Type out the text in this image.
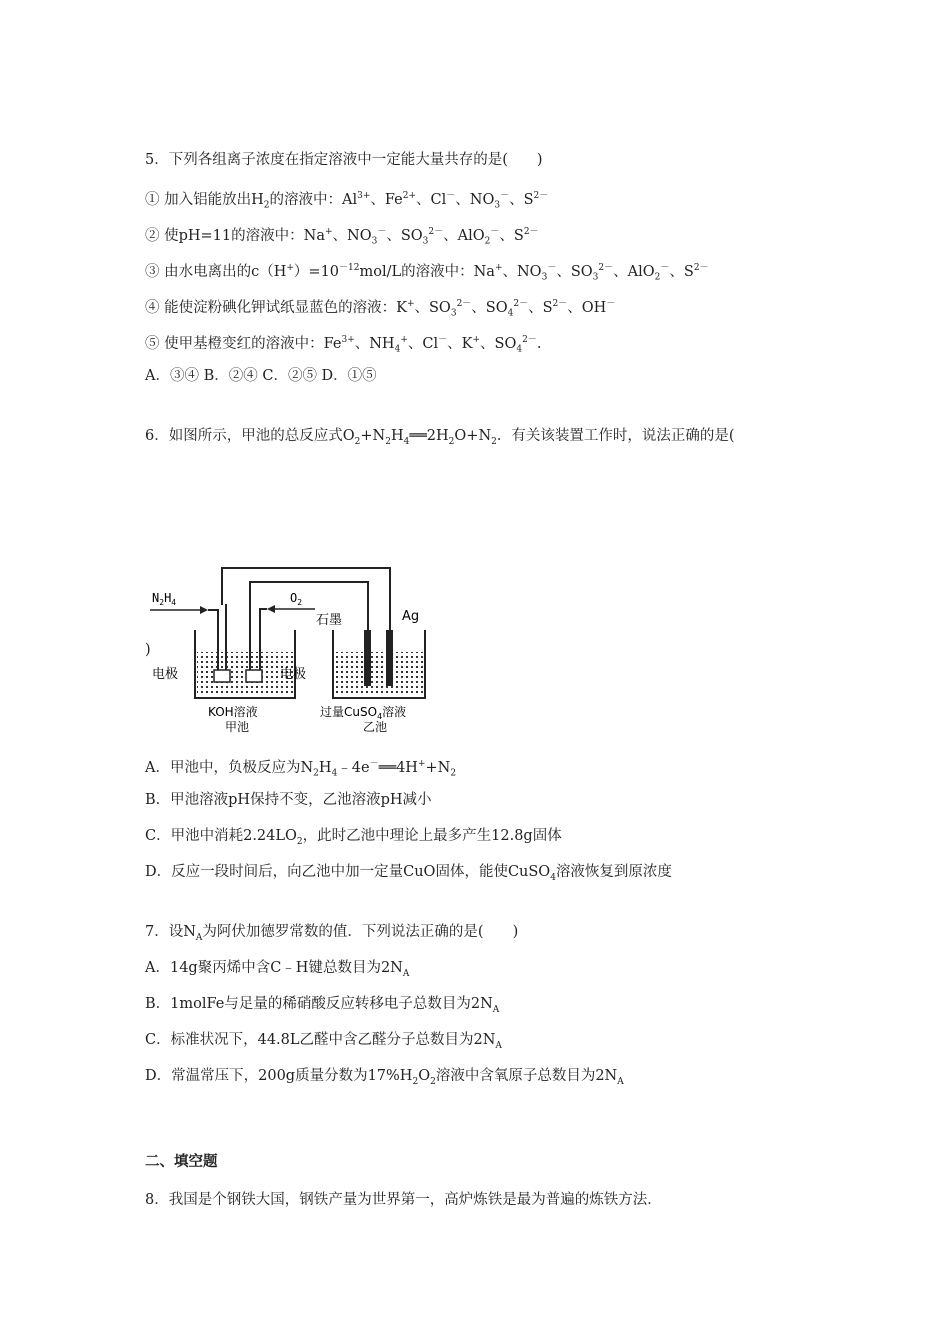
5．下列各组离子浓度在指定溶液中一定能大量共存的是(　　)
① 加入铝能放出$H_2$的溶液中：$Al^{3+}$、$Fe^{2+}$、Cl－、$NO_3^-$、$S^{2-}$
② 使pH=11的溶液中：Na+、$NO_3^-$、$SO_3^{2-}$、AlO$_2$－、$S^{2-}$
③ 由水电离出的$c(H^+)=10^{-12}mol/L$的溶液中：Na+、$NO_3^-$、$SO_3^{2-}$、AlO$_2$－、$S^{2-}$
④ 能使淀粉碘化钾试纸显蓝色的溶液：K+、$SO_3^{2-}$、$SO_4^{2-}$、$S^{2-}$、OH－
⑤ 使甲基橙变红的溶液中：$Fe^{3+}$、$NH_4^+$、Cl－、K+、$SO_4^{2-}$.
A．③④ B．②④ C．②⑤ D．①⑤
6．如图所示，甲池的总反应式$O_2+N_2H_4══2H_2O+N_2$．有关该装置工作时，说法正确的是(
)
$N_2H_4$	$O_2$
电极	电极
KOH溶液
甲池
石墨	Ag
过量CuSO$_4$溶液
乙池
A．甲池中，负极反应为$N_2H_4﹣4e^-══4H^++N_2$
B．甲池溶液pH保持不变，乙池溶液pH减小
C．甲池中消耗$2.24LO_2$，此时乙池中理论上最多产生12.8g固体
D．反应一段时间后，向乙池中加一定量CuO固体，能使CuSO$_4$溶液恢复到原浓度
7．设$N_A$为阿伏加德罗常数的值．下列说法正确的是(　　)
A．14g聚丙烯中含C﹣H键总数目为$2N_A$
B．1molFe与足量的稀硝酸反应转移电子总数目为$2N_A$
C．标准状况下，44.8L乙醛中含乙醛分子总数目为$2N_A$
D．常温常压下，200g质量分数为$17\%H_2O_2$溶液中含氧原子总数目为$2N_A$
二、填空题
8．我国是个钢铁大国，钢铁产量为世界第一，高炉炼铁是最为普遍的炼铁方法．
